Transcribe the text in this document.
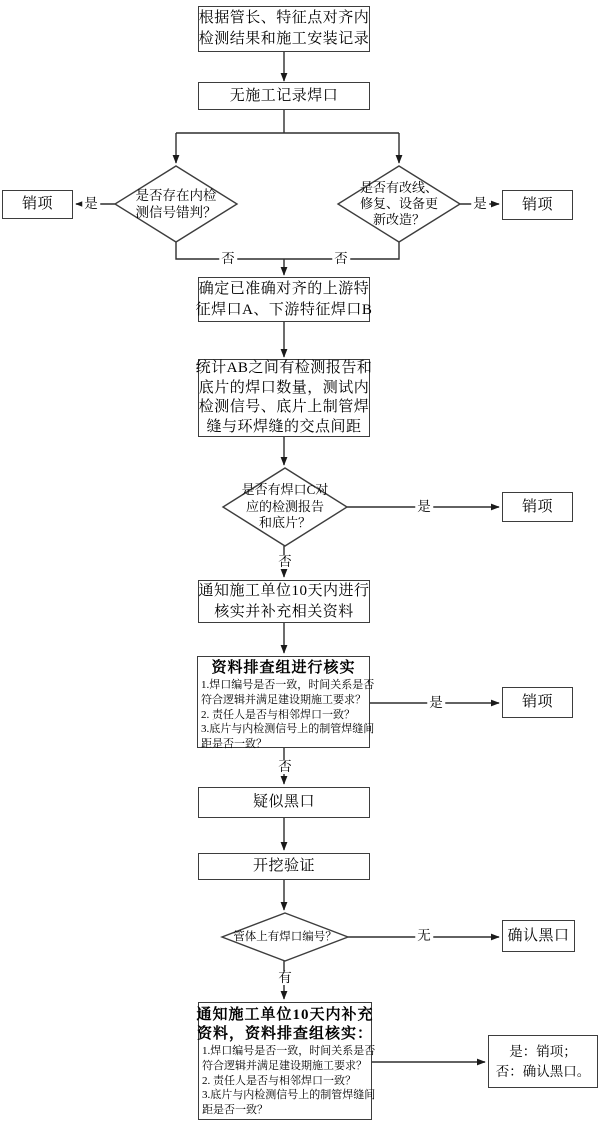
根据管长、特征点对齐内
检测结果和施工安装记录
无施工记录焊口
销项	销项
确定已准确对齐的上游特
征焊口A、下游特征焊口B
统计AB之间有检测报告和
底片的焊口数量，测试内
检测信号、底片上制管焊
缝与环焊缝的交点间距
销项
通知施工单位10天内进行
核实并补充相关资料
资料排查组进行核实
1.焊口编号是否一致，时间关系是否
符合逻辑并满足建设期施工要求？
2. 责任人是否与相邻焊口一致？
3.底片与内检测信号上的制管焊缝间
距是否一致？
销项
疑似黑口
开挖验证
确认黑口
通知施工单位10天内补充
资料，资料排查组核实：
1.焊口编号是否一致，时间关系是否
符合逻辑并满足建设期施工要求？
2. 责任人是否与相邻焊口一致？
3.底片与内检测信号上的制管焊缝间
距是否一致？
是：销项；
否：确认黑口。
是否存在内检
测信号错判？
是否有改线、
修复、设备更
新改造？
是否有焊口C对
应的检测报告
和底片？
管体上有焊口编号？
是	是
否	否
是
否
是
否
无
有
